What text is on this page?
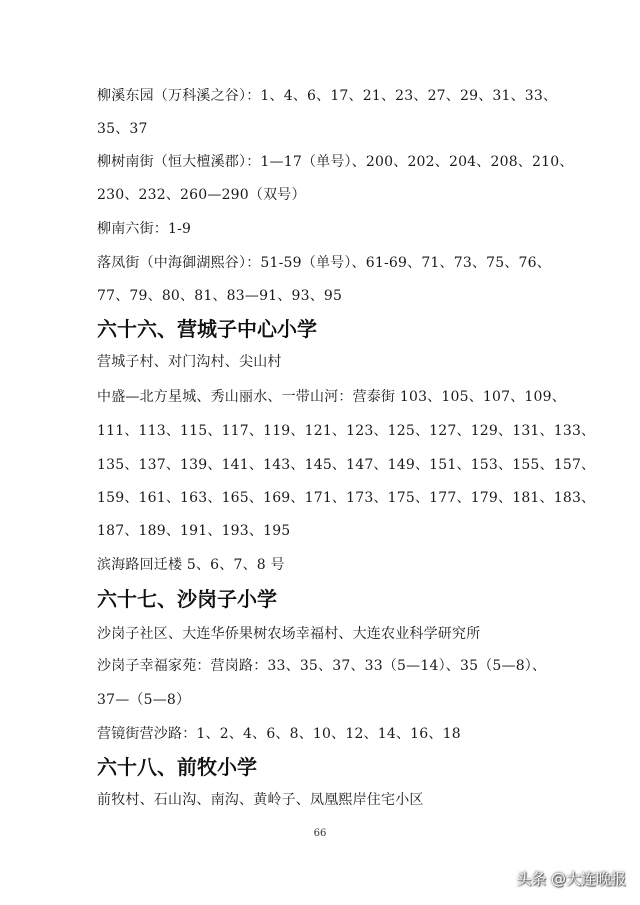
柳溪东园（万科溪之谷）：1、4、6、17、21、23、27、29、31、33、
35、37
柳树南街（恒大檀溪郡）：1—17（单号）、200、202、204、208、210、
230、232、260—290（双号）
柳南六街：1-9
落凤街（中海御湖熙谷）：51-59（单号）、61-69、71、73、75、76、
77、79、80、81、83—91、93、95
六十六、营城子中心小学
营城子村、对门沟村、尖山村
中盛—北方星城、秀山丽水、一带山河：营泰街 103、105、107、109、
111、113、115、117、119、121、123、125、127、129、131、133、
135、137、139、141、143、145、147、149、151、153、155、157、
159、161、163、165、169、171、173、175、177、179、181、183、
187、189、191、193、195
滨海路回迁楼 5、6、7、8 号
六十七、沙岗子小学
沙岗子社区、大连华侨果树农场幸福村、大连农业科学研究所
沙岗子幸福家苑：营岗路：33、35、37、33（5—14）、35（5—8）、
37—（5—8）
营镜街营沙路：1、2、4、6、8、10、12、14、16、18
六十八、前牧小学
前牧村、石山沟、南沟、黄岭子、凤凰熙岸住宅小区
66
头条 @大连晚报
